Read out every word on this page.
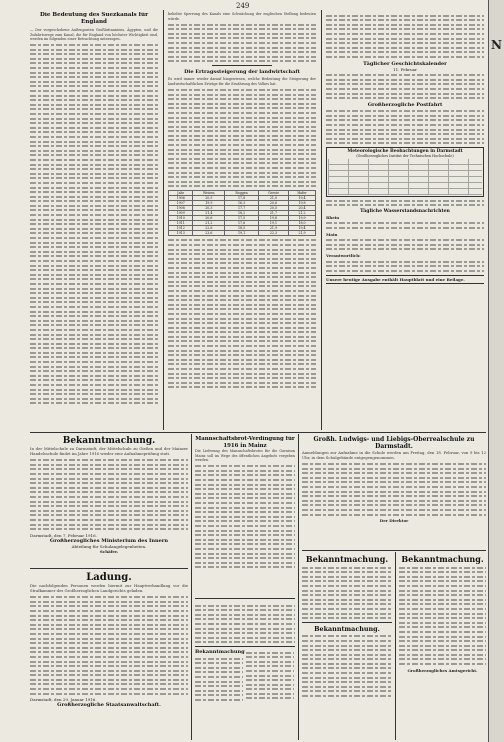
249
Die Bedeutung des Suezkanals für England
— Der vorgeschobene Außenposten Großbritanniens, Ägypten, und die Zufahrtswege zum Kanal, die für England von höchster Wichtigkeit sind, werden im folgenden einer Betrachtung unterzogen.
beliebte Sperrung des Kanals eine Schwächung der englischen Stellung bedeuten würde.
Die Ertragssteigerung der landwirtschaft
Es wird immer wieder darauf hingewiesen, welche Bedeutung die Steigerung der landwirtschaftlichen Erträge für die Ernährung des Volkes hat.
Jahr	Weizen	Roggen	Gerste	Hafer
1906	20,5	17,8	21,0	19,4
1907	19,9	16,3	20,6	19,8
1908	20,3	17,7	20,5	20,4
1909	21,4	18,2	21,7	21,2
1910	20,6	17,5	19,8	19,9
1911	21,2	17,6	19,1	18,0
1912	22,6	18,5	21,9	19,4
1913	23,6	19,1	22,3	21,9
Täglicher Geschichtskalender
11. Februar
Großherzogliche Postfahrt
Meteorologische Beobachtungen in Darmstadt
(Großherzogliches Institut der Technischen Hochschule)
Tägliche Wasserstandsnachrichten
Rhein
Main
Verantwortlich:
Unsere heutige Ausgabe enthält Hauptblatt und eine Beilage.
Bekanntmachung.
In der Mittelschule zu Darmstadt, der Mittelschule zu Gießen und der Mainzer Handelsschule findet im Jahre 1916 wieder eine Aufnahmeprüfung statt.
Darmstadt, den 7. Februar 1916.
Großherzogliches Ministerium des Innern
Abteilung für Schulangelegenheiten.
Schäfer.
Ladung.
Die nachfolgenden Personen werden hiermit zur Hauptverhandlung vor die Strafkammer des Großherzoglichen Landgerichts geladen.
Darmstadt, den 29. Januar 1916.
Großherzogliche Staatsanwaltschaft.
Mannschaftsbrot-Verdingung für 1916 in Mainz
Die Lieferung des Mannschaftsbrotes für die Garnison Mainz soll im Wege des öffentlichen Angebots vergeben werden.
Bekanntmachung
Großh. Ludwigs- und Liebigs-Oberrealschule zu Darmstadt.
Anmeldungen zur Aufnahme in die Schule werden am Freitag, den 18. Februar, von 9 bis 12 Uhr, in dem Schulgebäude entgegengenommen.
Der Direktor
Bekanntmachung.
Bekanntmachung.
Bekanntmachung.
Großherzogliches Amtsgericht.
N
